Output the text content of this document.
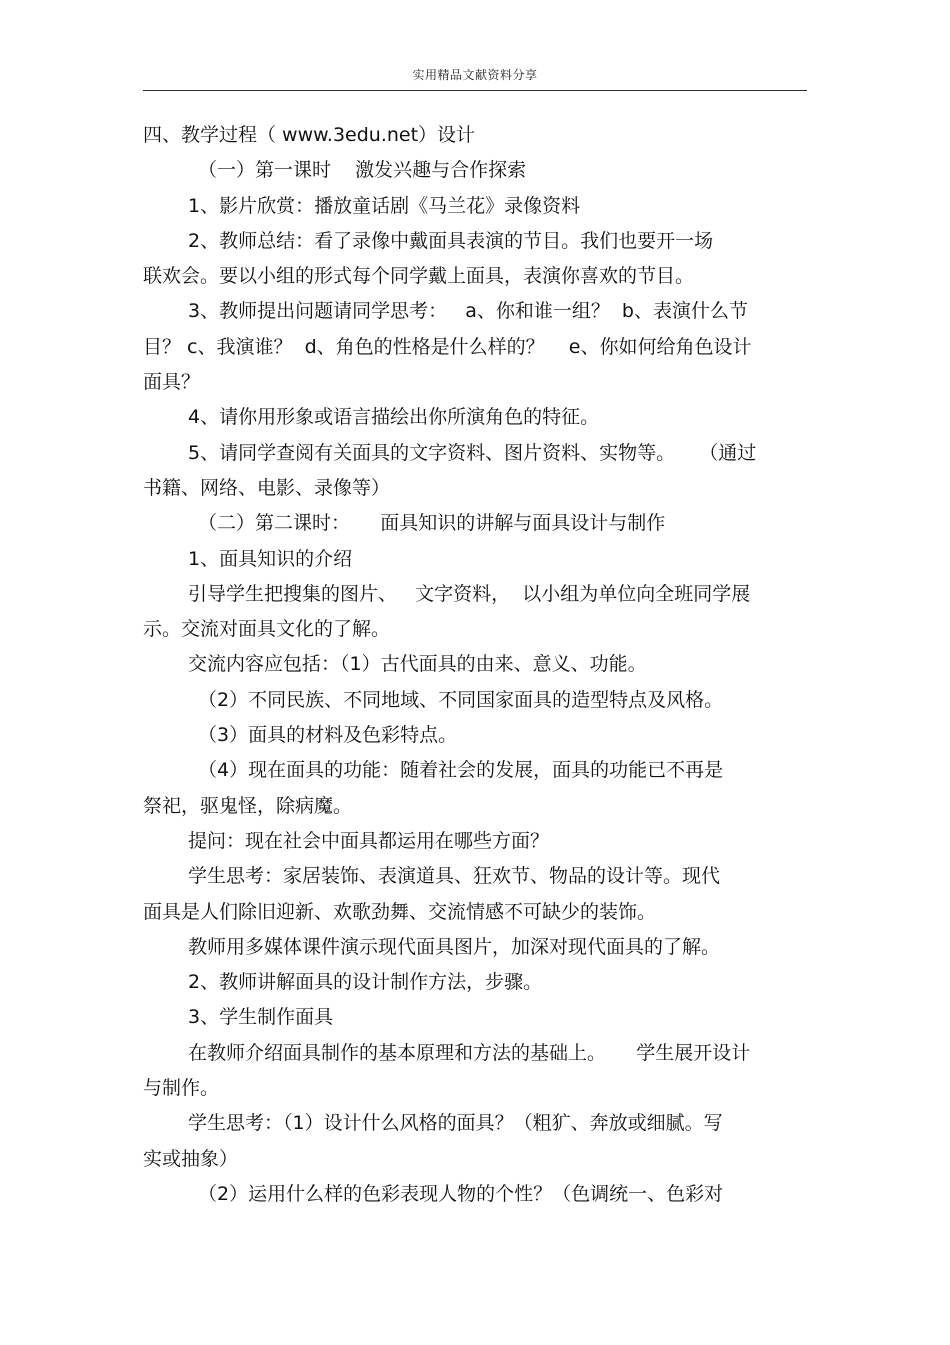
实用精品文献资料分享
四、教学过程（ www.3edu.net）设计
（一）第一课时    激发兴趣与合作探索
1、影片欣赏：播放童话剧《马兰花》录像资料
2、教师总结：看了录像中戴面具表演的节目。我们也要开一场
联欢会。要以小组的形式每个同学戴上面具，表演你喜欢的节目。
3、教师提出问题请同学思考：   a、你和谁一组？  b、表演什么节
目？ c、我演谁？  d、角色的性格是什么样的？    e、你如何给角色设计
面具？
4、请你用形象或语言描绘出你所演角色的特征。
5、请同学查阅有关面具的文字资料、图片资料、实物等。    （通过
书籍、网络、电影、录像等）
（二）第二课时：     面具知识的讲解与面具设计与制作
1、面具知识的介绍
引导学生把搜集的图片、   文字资料，  以小组为单位向全班同学展
示。交流对面具文化的了解。
交流内容应包括：（1）古代面具的由来、意义、功能。
（2）不同民族、不同地域、不同国家面具的造型特点及风格。
（3）面具的材料及色彩特点。
（4）现在面具的功能：随着社会的发展，面具的功能已不再是
祭祀，驱鬼怪，除病魔。
提问：现在社会中面具都运用在哪些方面？
学生思考：家居装饰、表演道具、狂欢节、物品的设计等。现代
面具是人们除旧迎新、欢歌劲舞、交流情感不可缺少的装饰。
教师用多媒体课件演示现代面具图片，加深对现代面具的了解。
2、教师讲解面具的设计制作方法，步骤。
3、学生制作面具
在教师介绍面具制作的基本原理和方法的基础上。     学生展开设计
与制作。
学生思考：（1）设计什么风格的面具？（粗犷、奔放或细腻。写
实或抽象）
（2）运用什么样的色彩表现人物的个性？（色调统一、色彩对
